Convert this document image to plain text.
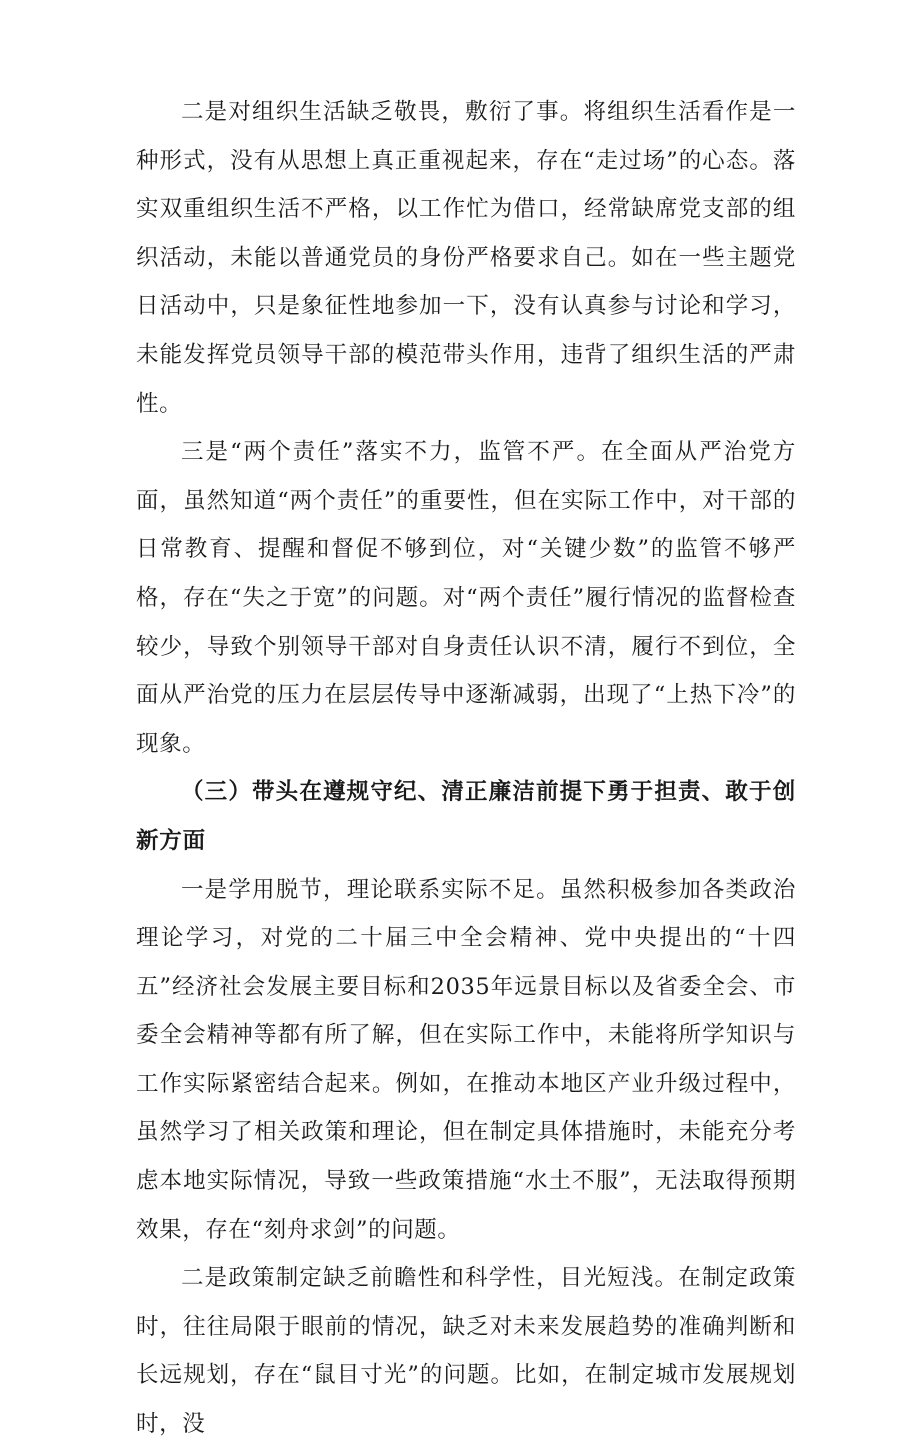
二是对组织生活缺乏敬畏，敷衍了事。将组织生活看作是一种形式，没有从思想上真正重视起来，存在“走过场”的心态。落实双重组织生活不严格，以工作忙为借口，经常缺席党支部的组织活动，未能以普通党员的身份严格要求自己。如在一些主题党日活动中，只是象征性地参加一下，没有认真参与讨论和学习，未能发挥党员领导干部的模范带头作用，违背了组织生活的严肃性。

三是“两个责任”落实不力，监管不严。在全面从严治党方面，虽然知道“两个责任”的重要性，但在实际工作中，对干部的日常教育、提醒和督促不够到位，对“关键少数”的监管不够严格，存在“失之于宽”的问题。对“两个责任”履行情况的监督检查较少，导致个别领导干部对自身责任认识不清，履行不到位，全面从严治党的压力在层层传导中逐渐减弱，出现了“上热下冷”的现象。

（三）带头在遵规守纪、清正廉洁前提下勇于担责、敢于创新方面

一是学用脱节，理论联系实际不足。虽然积极参加各类政治理论学习，对党的二十届三中全会精神、党中央提出的“十四五”经济社会发展主要目标和2035年远景目标以及省委全会、市委全会精神等都有所了解，但在实际工作中，未能将所学知识与工作实际紧密结合起来。例如，在推动本地区产业升级过程中，虽然学习了相关政策和理论，但在制定具体措施时，未能充分考虑本地实际情况，导致一些政策措施“水土不服”，无法取得预期效果，存在“刻舟求剑”的问题。

二是政策制定缺乏前瞻性和科学性，目光短浅。在制定政策时，往往局限于眼前的情况，缺乏对未来发展趋势的准确判断和长远规划，存在“鼠目寸光”的问题。比如，在制定城市发展规划时，没
